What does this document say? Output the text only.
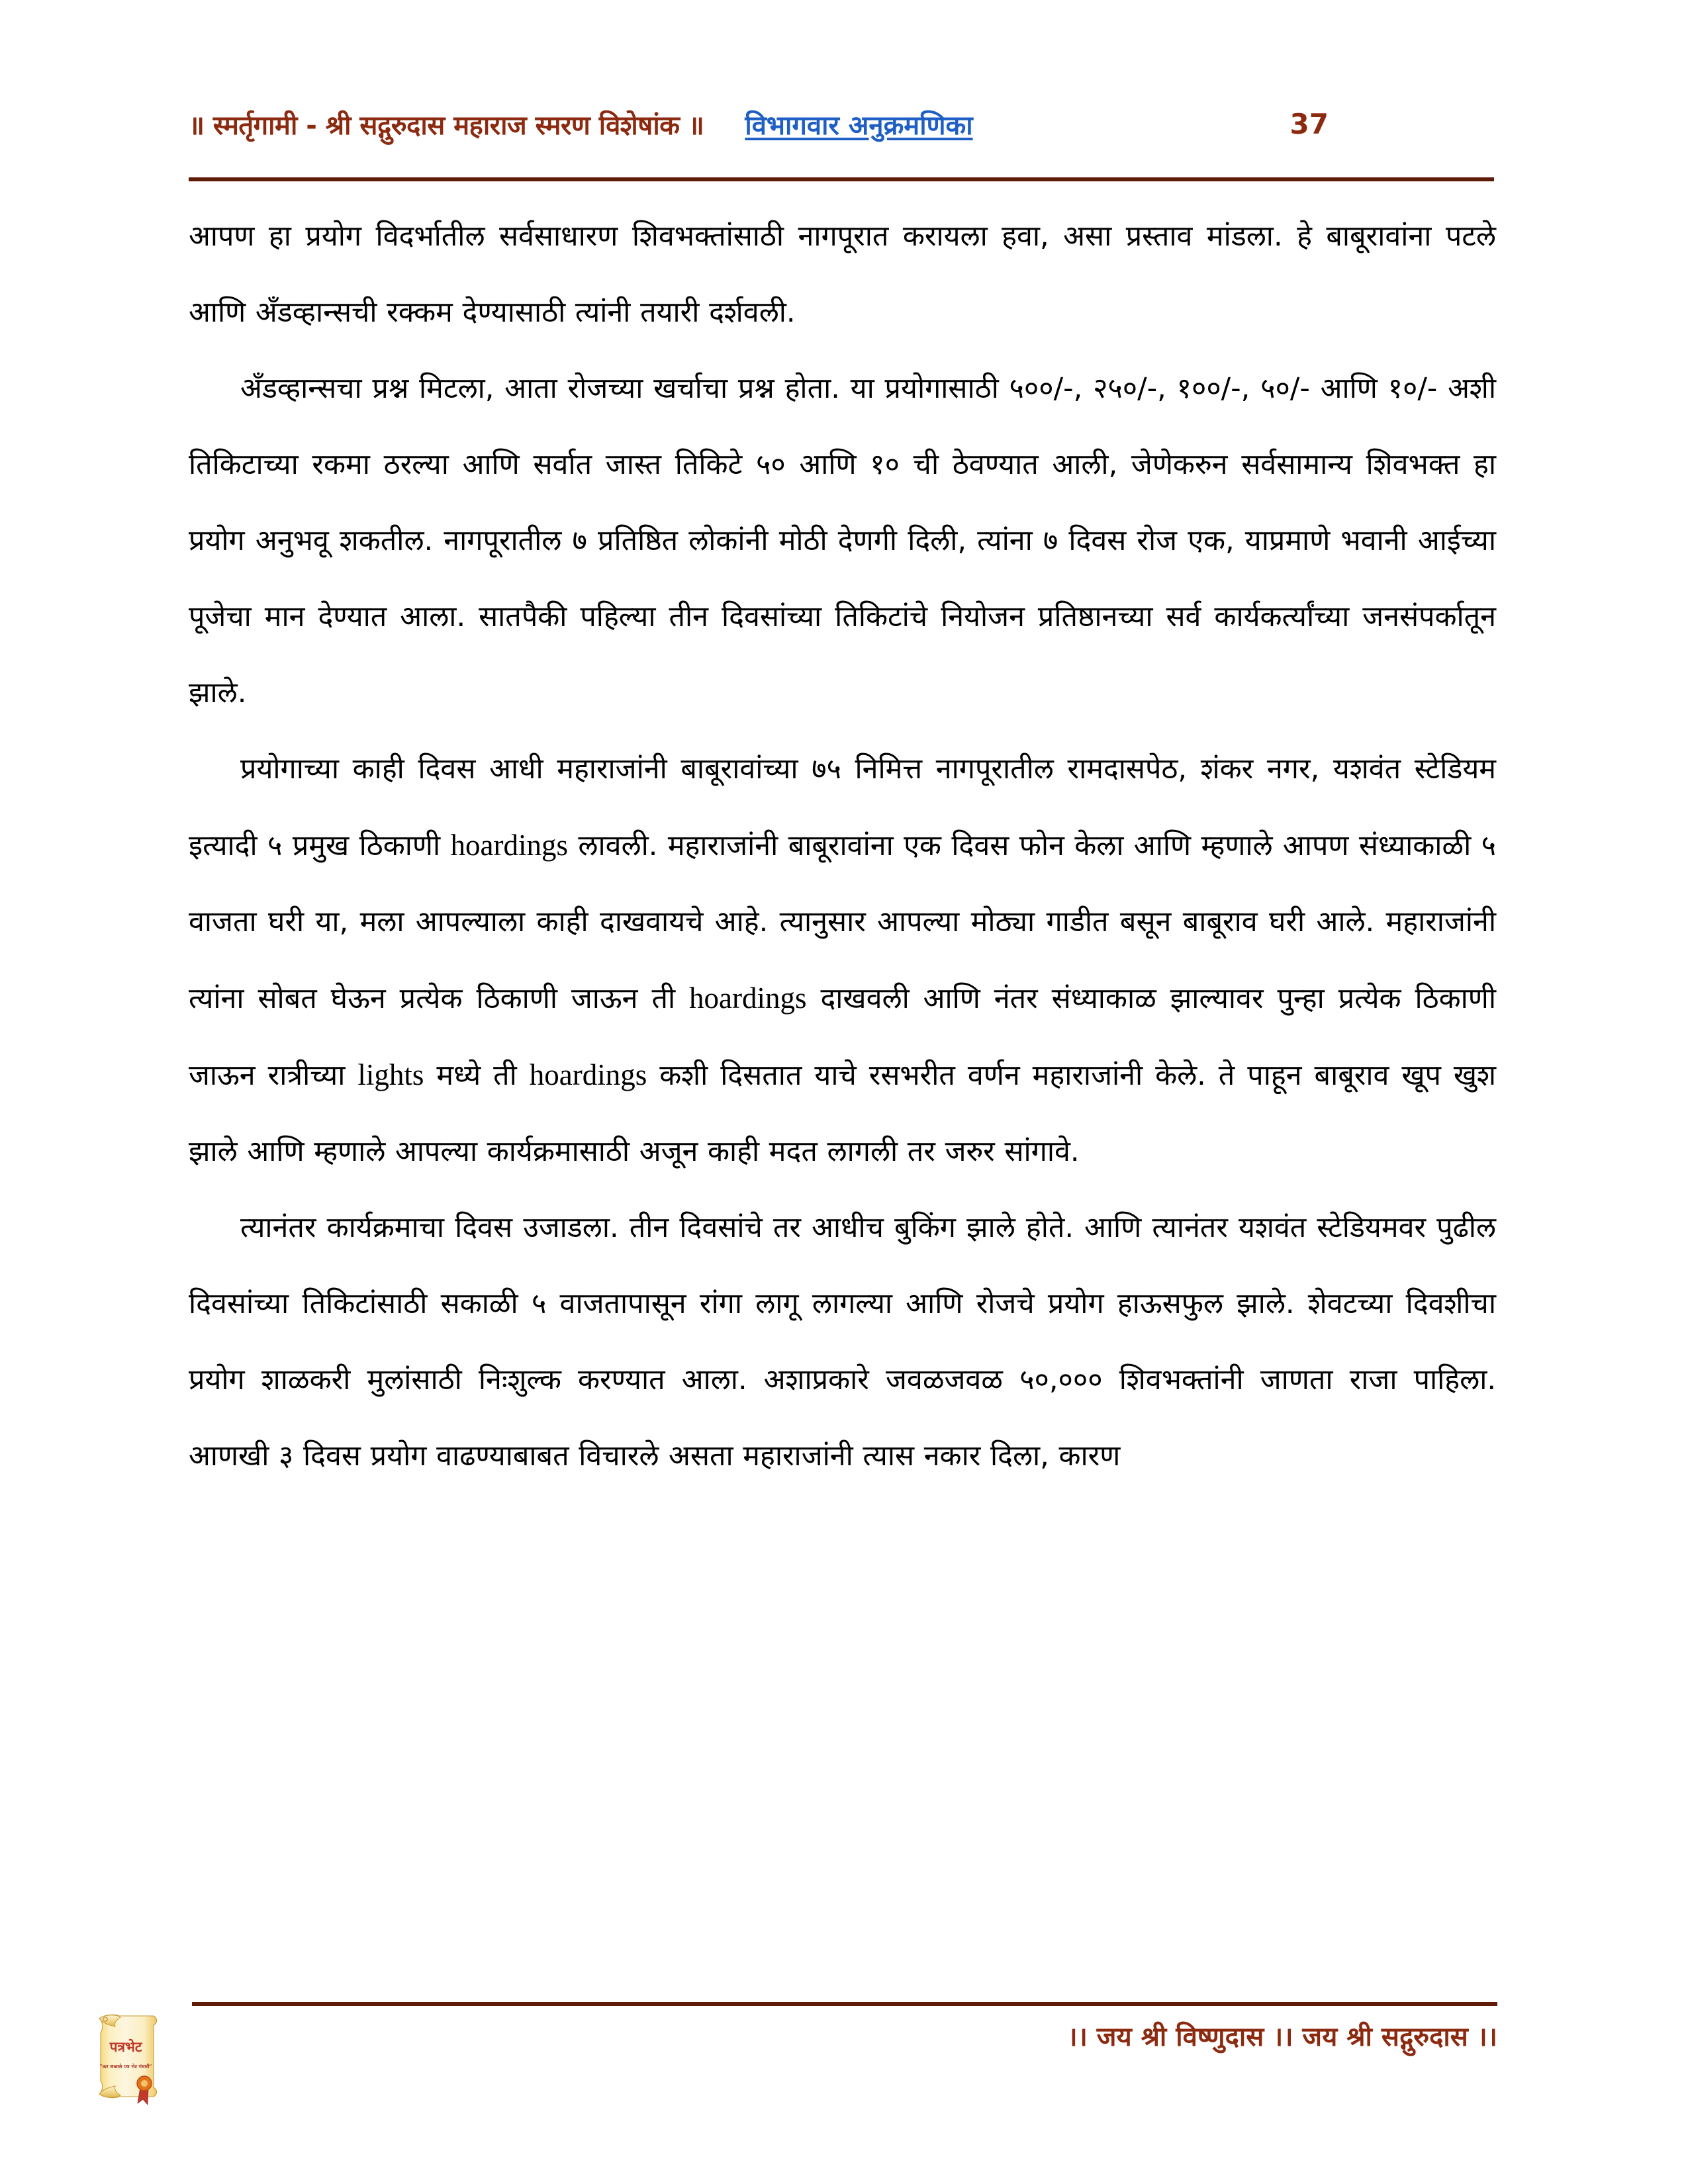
॥ स्मर्तृगामी - श्री सद्गुरुदास महाराज स्मरण विशेषांक ॥ विभागवार अनुक्रमणिका	37

आपण हा प्रयोग विदर्भातील सर्वसाधारण शिवभक्तांसाठी नागपूरात करायला हवा, असा प्रस्ताव मांडला. हे बाबूरावांना पटले आणि अँडव्हान्सची रक्कम देण्यासाठी त्यांनी तयारी दर्शवली.

अँडव्हान्सचा प्रश्न मिटला, आता रोजच्या खर्चाचा प्रश्न होता. या प्रयोगासाठी ५००/-, २५०/-, १००/-, ५०/- आणि १०/- अशी तिकिटाच्या रकमा ठरल्या आणि सर्वात जास्त तिकिटे ५० आणि १० ची ठेवण्यात आली, जेणेकरुन सर्वसामान्य शिवभक्त हा प्रयोग अनुभवू शकतील. नागपूरातील ७ प्रतिष्ठित लोकांनी मोठी देणगी दिली, त्यांना ७ दिवस रोज एक, याप्रमाणे भवानी आईच्या पूजेचा मान देण्यात आला. सातपैकी पहिल्या तीन दिवसांच्या तिकिटांचे नियोजन प्रतिष्ठानच्या सर्व कार्यकर्त्यांच्या जनसंपर्कातून झाले.

प्रयोगाच्या काही दिवस आधी महाराजांनी बाबूरावांच्या ७५ निमित्त नागपूरातील रामदासपेठ, शंकर नगर, यशवंत स्टेडियम इत्यादी ५ प्रमुख ठिकाणी hoardings लावली. महाराजांनी बाबूरावांना एक दिवस फोन केला आणि म्हणाले आपण संध्याकाळी ५ वाजता घरी या, मला आपल्याला काही दाखवायचे आहे. त्यानुसार आपल्या मोठ्या गाडीत बसून बाबूराव घरी आले. महाराजांनी त्यांना सोबत घेऊन प्रत्येक ठिकाणी जाऊन ती hoardings दाखवली आणि नंतर संध्याकाळ झाल्यावर पुन्हा प्रत्येक ठिकाणी जाऊन रात्रीच्या lights मध्ये ती hoardings कशी दिसतात याचे रसभरीत वर्णन महाराजांनी केले. ते पाहून बाबूराव खूप खुश झाले आणि म्हणाले आपल्या कार्यक्रमासाठी अजून काही मदत लागली तर जरुर सांगावे.

त्यानंतर कार्यक्रमाचा दिवस उजाडला. तीन दिवसांचे तर आधीच बुकिंग झाले होते. आणि त्यानंतर यशवंत स्टेडियमवर पुढील दिवसांच्या तिकिटांसाठी सकाळी ५ वाजतापासून रांगा लागू लागल्या आणि रोजचे प्रयोग हाऊसफुल झाले. शेवटच्या दिवशीचा प्रयोग शाळकरी मुलांसाठी निःशुल्क करण्यात आला. अशाप्रकारे जवळजवळ ५०,००० शिवभक्तांनी जाणता राजा पाहिला. आणखी ३ दिवस प्रयोग वाढण्याबाबत विचारले असता महाराजांनी त्यास नकार दिला, कारण

।। जय श्री विष्णुदास ।। जय श्री सद्गुरुदास ।।
पत्रभेट
"ऊर जळाले पत्र भेट गंधारी"
